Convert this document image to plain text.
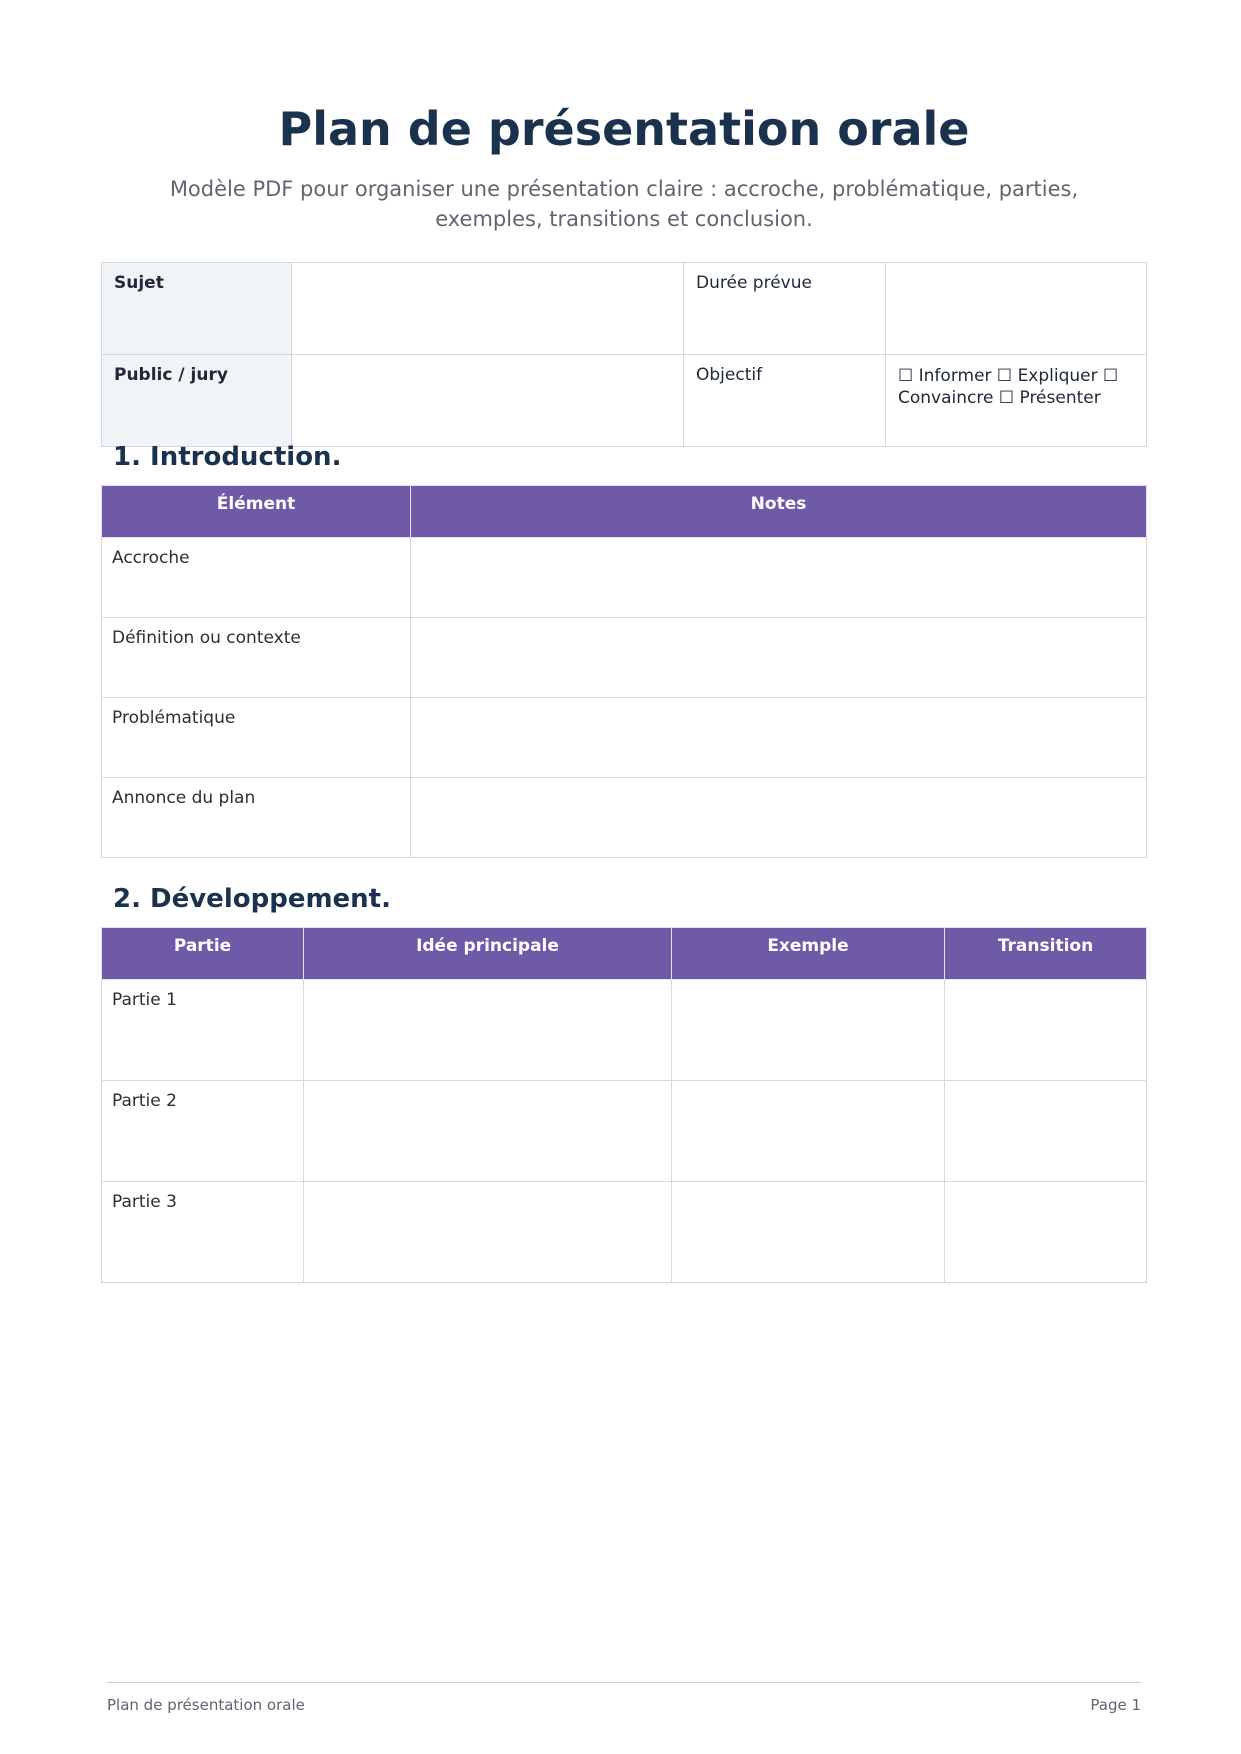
Plan de présentation orale
Modèle PDF pour organiser une présentation claire : accroche, problématique, parties, exemples, transitions et conclusion.
Sujet		Durée prévue	
Public / jury		Objectif	☐ Informer ☐ Expliquer ☐ Convaincre ☐ Présenter
1. Introduction.
Élément	Notes
Accroche	
Définition ou contexte	
Problématique	
Annonce du plan	
2. Développement.
Partie	Idée principale	Exemple	Transition
Partie 1			
Partie 2			
Partie 3			
Plan de présentation orale	Page 1
